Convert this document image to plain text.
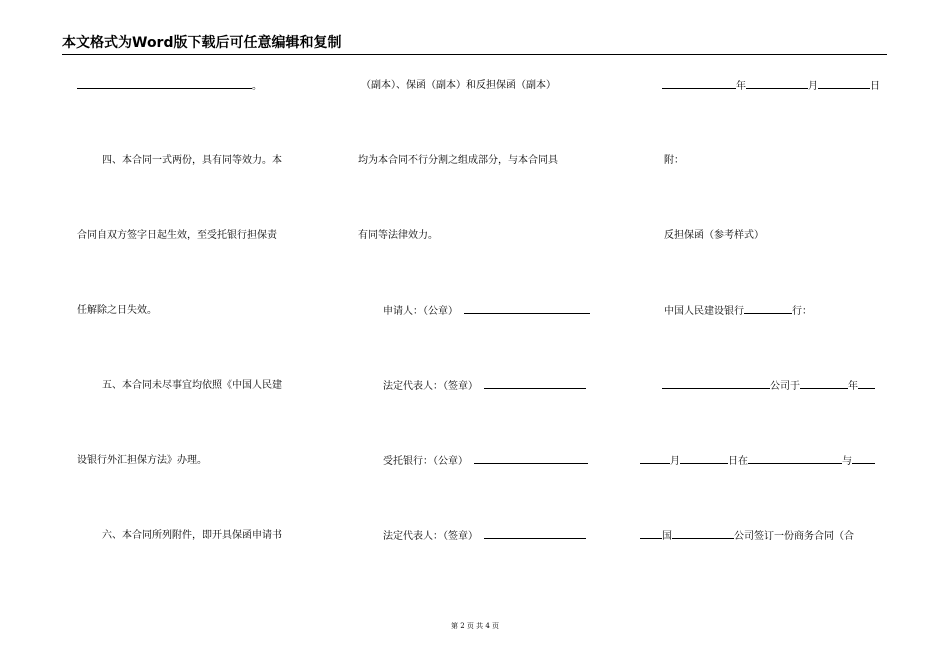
本文格式为Word版下载后可任意编辑和复制
。
四、本合同一式两份，具有同等效力。本
合同自双方签字日起生效，至受托银行担保责
任解除之日失效。
五、本合同未尽事宜均依照《中国人民建
设银行外汇担保方法》办理。
六、本合同所列附件，即开具保函申请书
（副本）、保函（副本）和反担保函（副本）
均为本合同不行分割之组成部分，与本合同具
有同等法律效力。
申请人：（公章）
法定代表人：（签章）
受托银行：（公章）
法定代表人：（签章）
年	月	日
附：
反担保函（参考样式）
中国人民建设银行	行：
公司于	年
月	日在	与
国	公司签订一份商务合同（合
第 2 页 共 4 页
